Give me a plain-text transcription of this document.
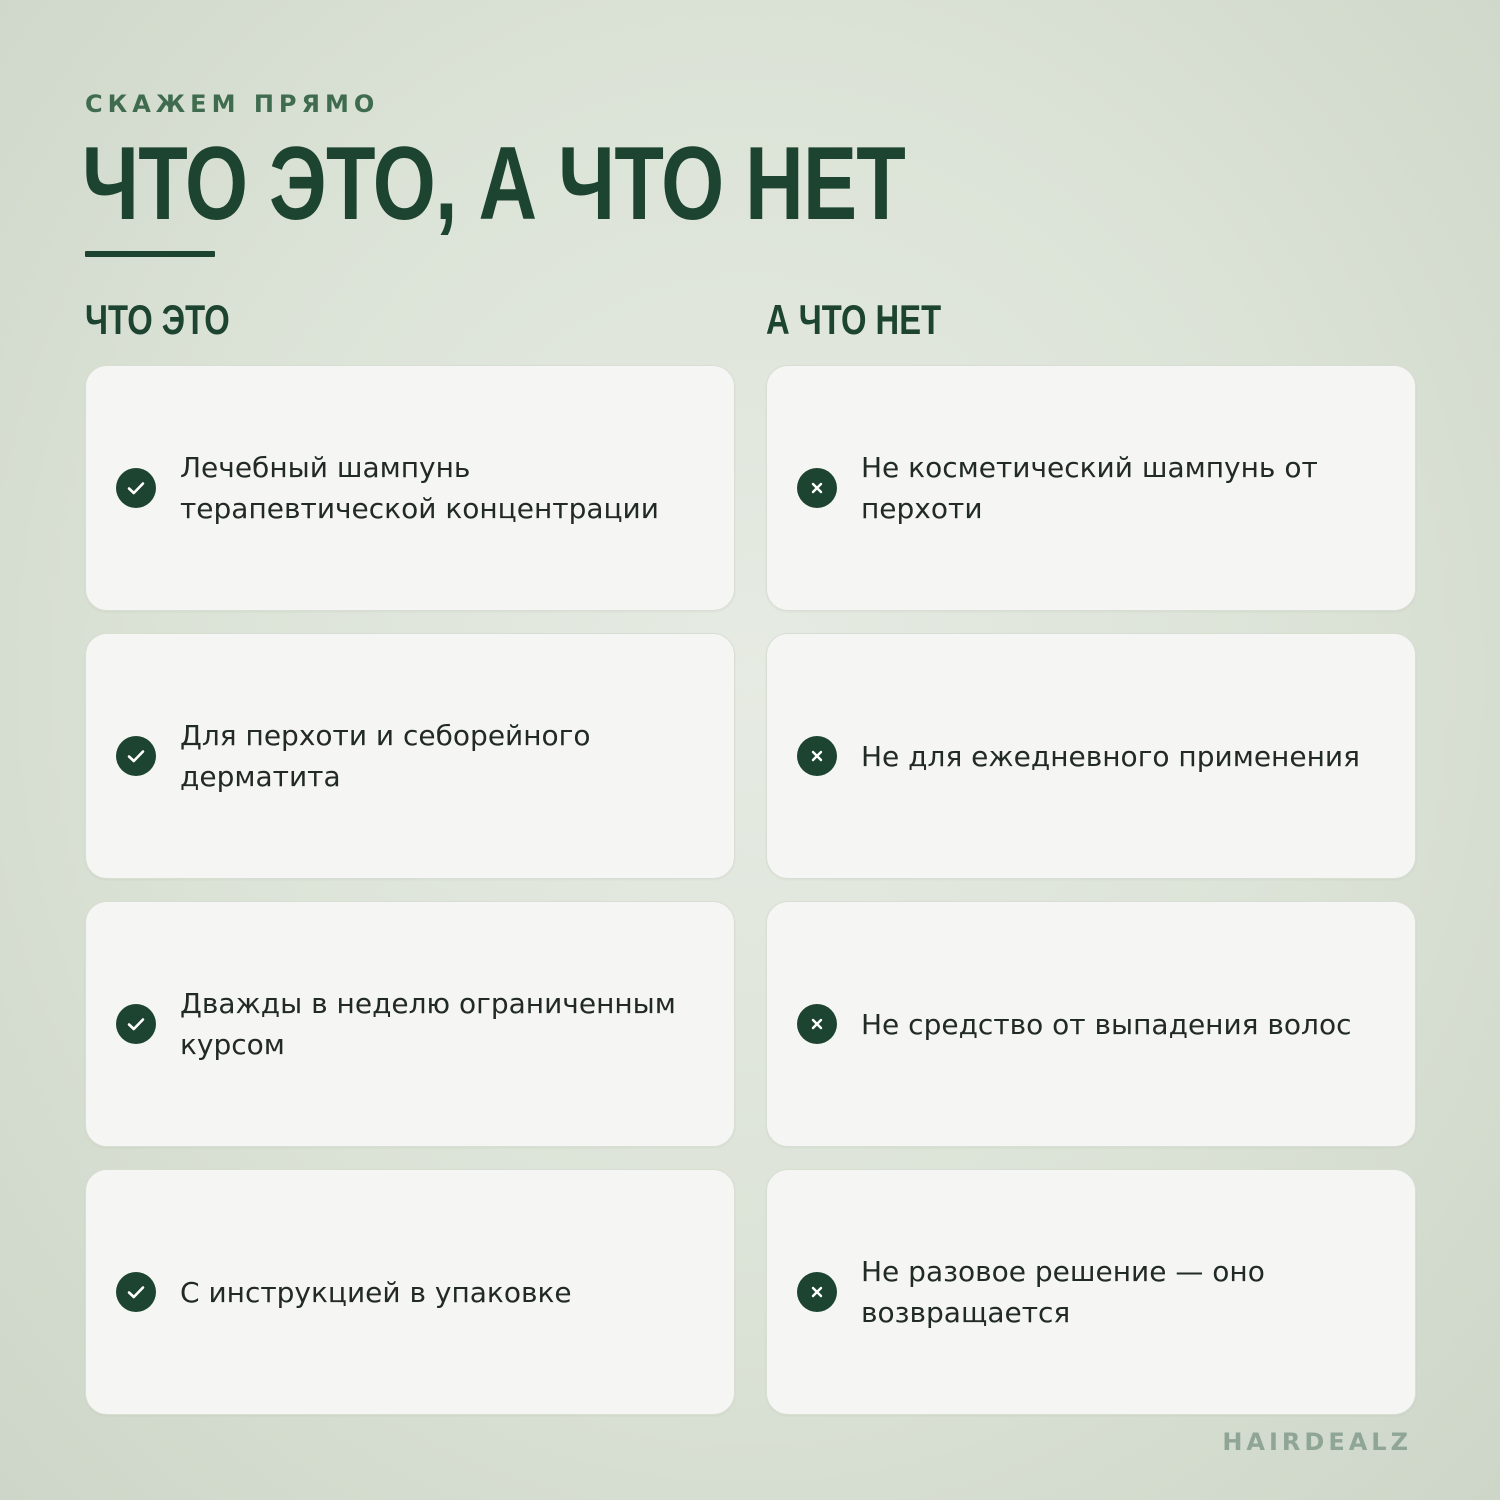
СКАЖЕМ ПРЯМО
ЧТО ЭТО, А ЧТО НЕТ
ЧТО ЭТО	А ЧТО НЕТ
Лечебный шампунь терапевтической концентрации
Для перхоти и себорейного дерматита
Дважды в неделю ограниченным курсом
С инструкцией в упаковке
Не косметический шампунь от перхоти
Не для ежедневного применения
Не средство от выпадения волос
Не разовое решение — оно возвращается
HAIRDEALZ
